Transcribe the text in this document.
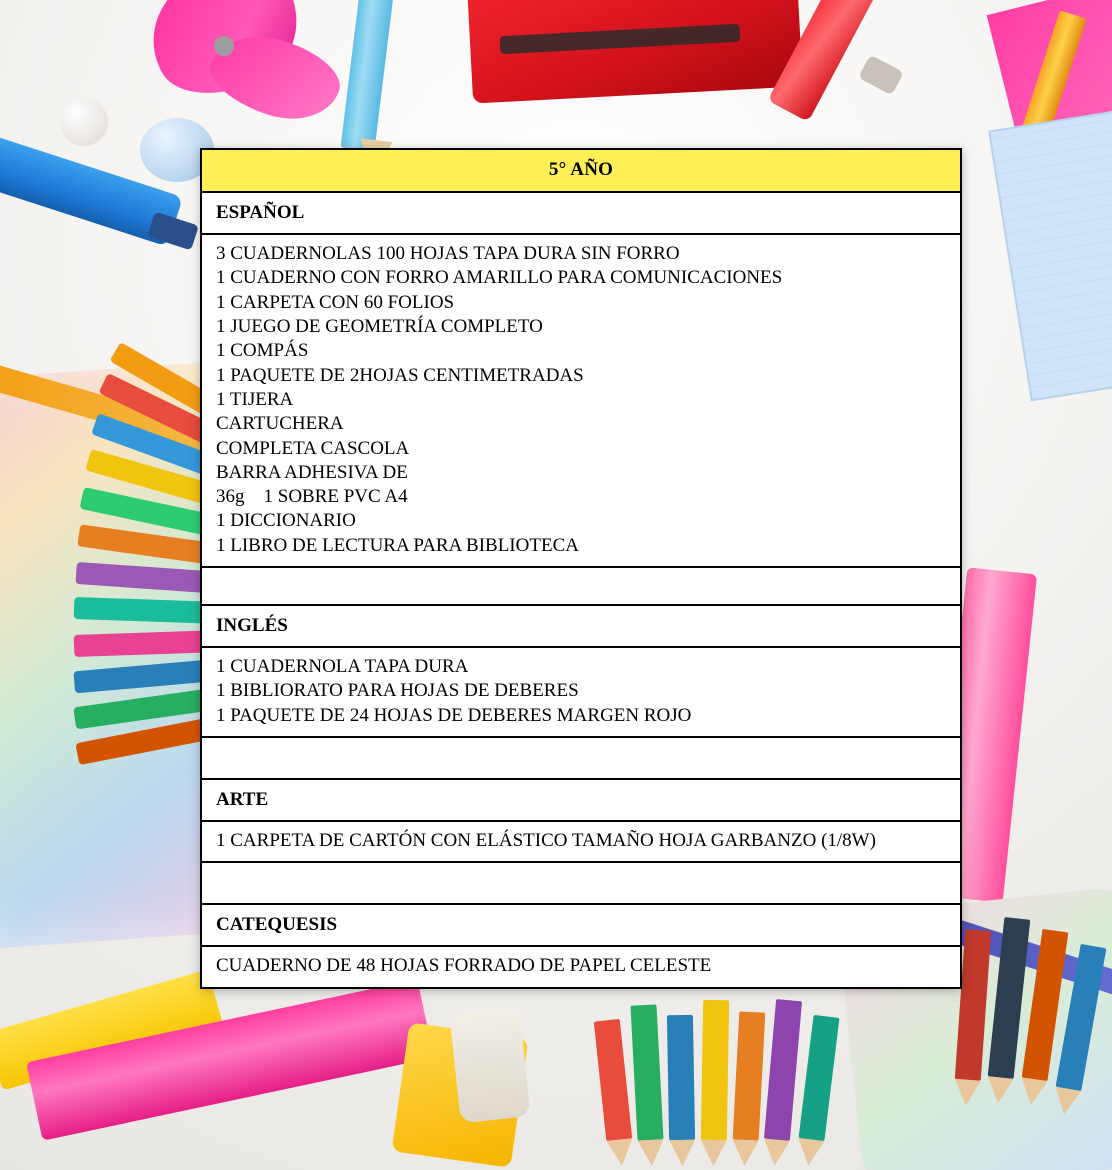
5° AÑO
ESPAÑOL
3 CUADERNOLAS 100 HOJAS TAPA DURA SIN FORRO
1 CUADERNO CON FORRO AMARILLO PARA COMUNICACIONES
1 CARPETA CON 60 FOLIOS
1 JUEGO DE GEOMETRÍA COMPLETO
1 COMPÁS
1 PAQUETE DE 2HOJAS CENTIMETRADAS
1 TIJERA
CARTUCHERA
COMPLETA CASCOLA
BARRA ADHESIVA DE
36g    1 SOBRE PVC A4
1 DICCIONARIO
1 LIBRO DE LECTURA PARA BIBLIOTECA
INGLÉS
1 CUADERNOLA TAPA DURA
1 BIBLIORATO PARA HOJAS DE DEBERES
1 PAQUETE DE 24 HOJAS DE DEBERES MARGEN ROJO
ARTE
1 CARPETA DE CARTÓN CON ELÁSTICO TAMAÑO HOJA GARBANZO (1/8W)
CATEQUESIS
CUADERNO DE 48 HOJAS FORRADO DE PAPEL CELESTE
